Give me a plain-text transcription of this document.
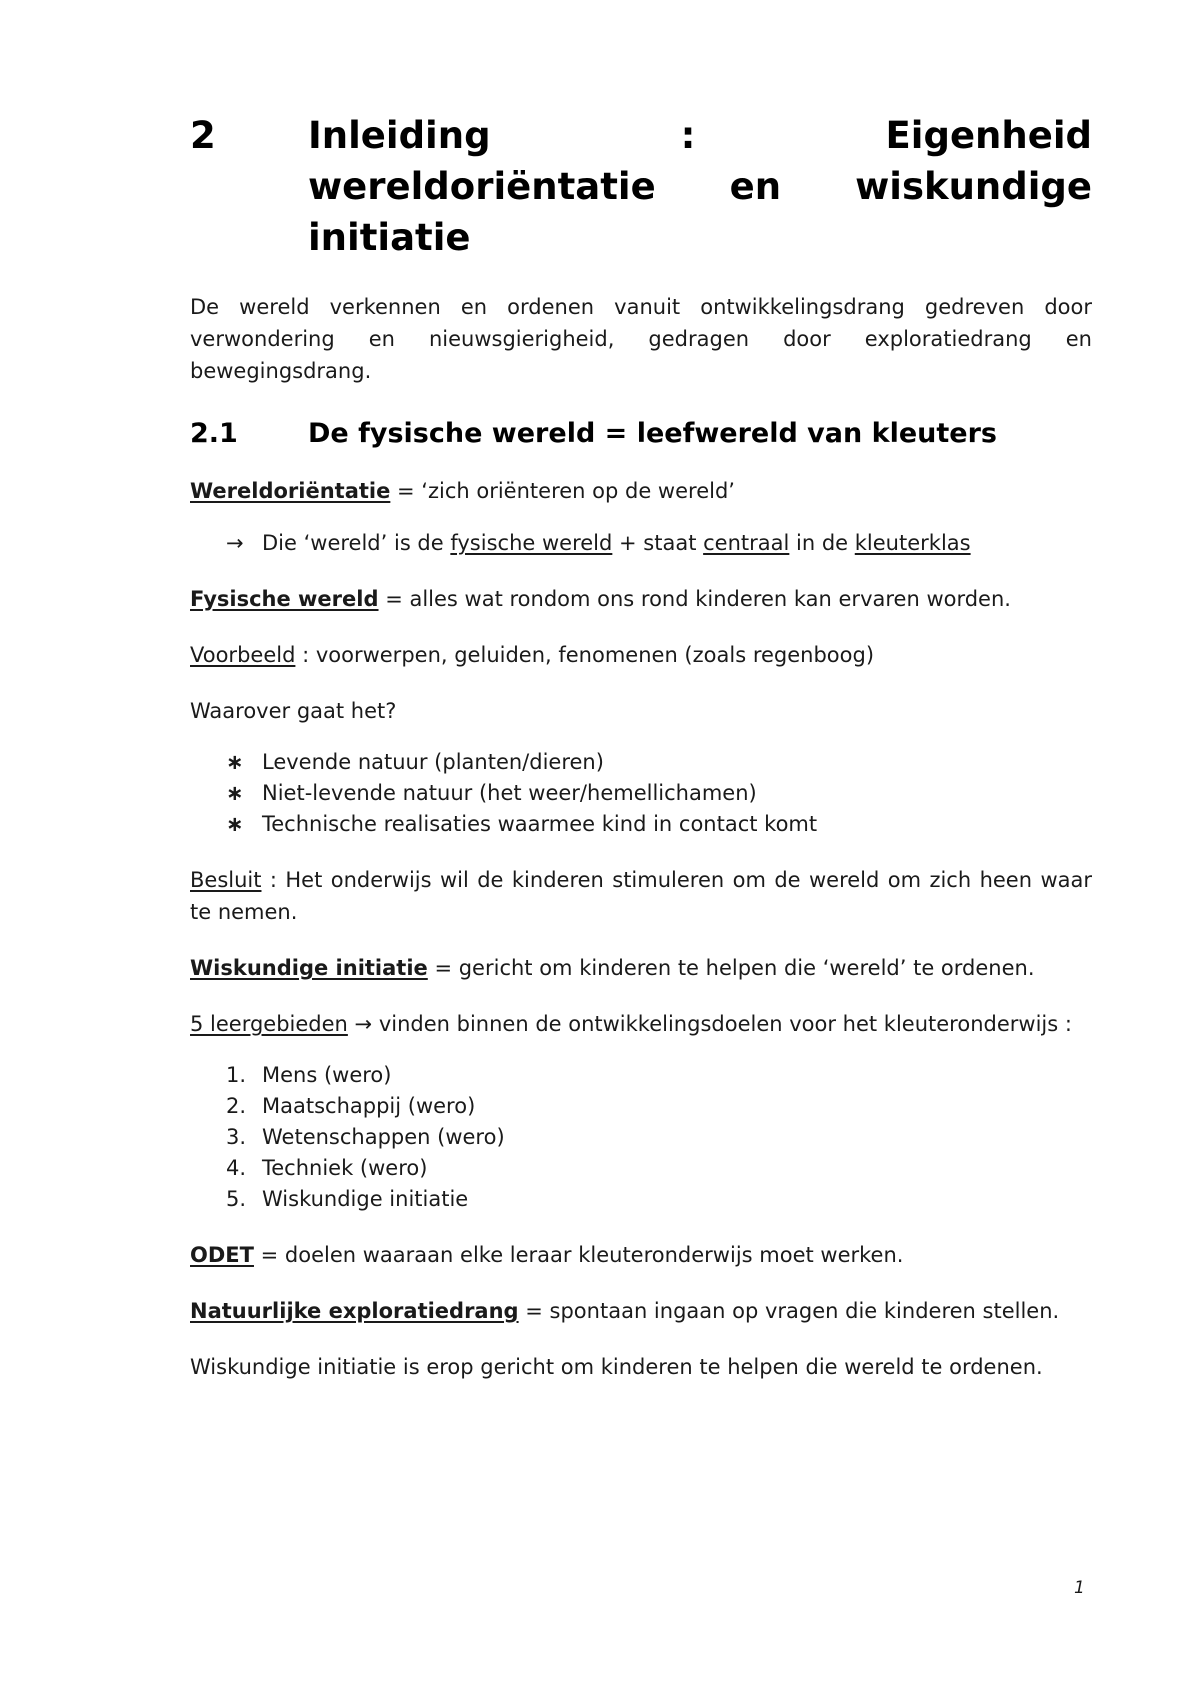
2	Inleiding : Eigenheid wereldoriëntatie en wiskundige initiatie

De wereld verkennen en ordenen vanuit ontwikkelingsdrang gedreven door verwondering en nieuwsgierigheid, gedragen door exploratiedrang en bewegingsdrang.

2.1	De fysische wereld = leefwereld van kleuters

Wereldoriëntatie = ‘zich oriënteren op de wereld’

→ Die ‘wereld’ is de fysische wereld + staat centraal in de kleuterklas

Fysische wereld = alles wat rondom ons rond kinderen kan ervaren worden.

Voorbeeld : voorwerpen, geluiden, fenomenen (zoals regenboog)

Waarover gaat het?

∗ Levende natuur (planten/dieren)
∗ Niet-levende natuur (het weer/hemellichamen)
∗ Technische realisaties waarmee kind in contact komt

Besluit : Het onderwijs wil de kinderen stimuleren om de wereld om zich heen waar te nemen.

Wiskundige initiatie = gericht om kinderen te helpen die ‘wereld’ te ordenen.

5 leergebieden → vinden binnen de ontwikkelingsdoelen voor het kleuteronderwijs :

1. Mens (wero)
2. Maatschappij (wero)
3. Wetenschappen (wero)
4. Techniek (wero)
5. Wiskundige initiatie

ODET = doelen waaraan elke leraar kleuteronderwijs moet werken.

Natuurlijke exploratiedrang = spontaan ingaan op vragen die kinderen stellen.

Wiskundige initiatie is erop gericht om kinderen te helpen die wereld te ordenen.

1
